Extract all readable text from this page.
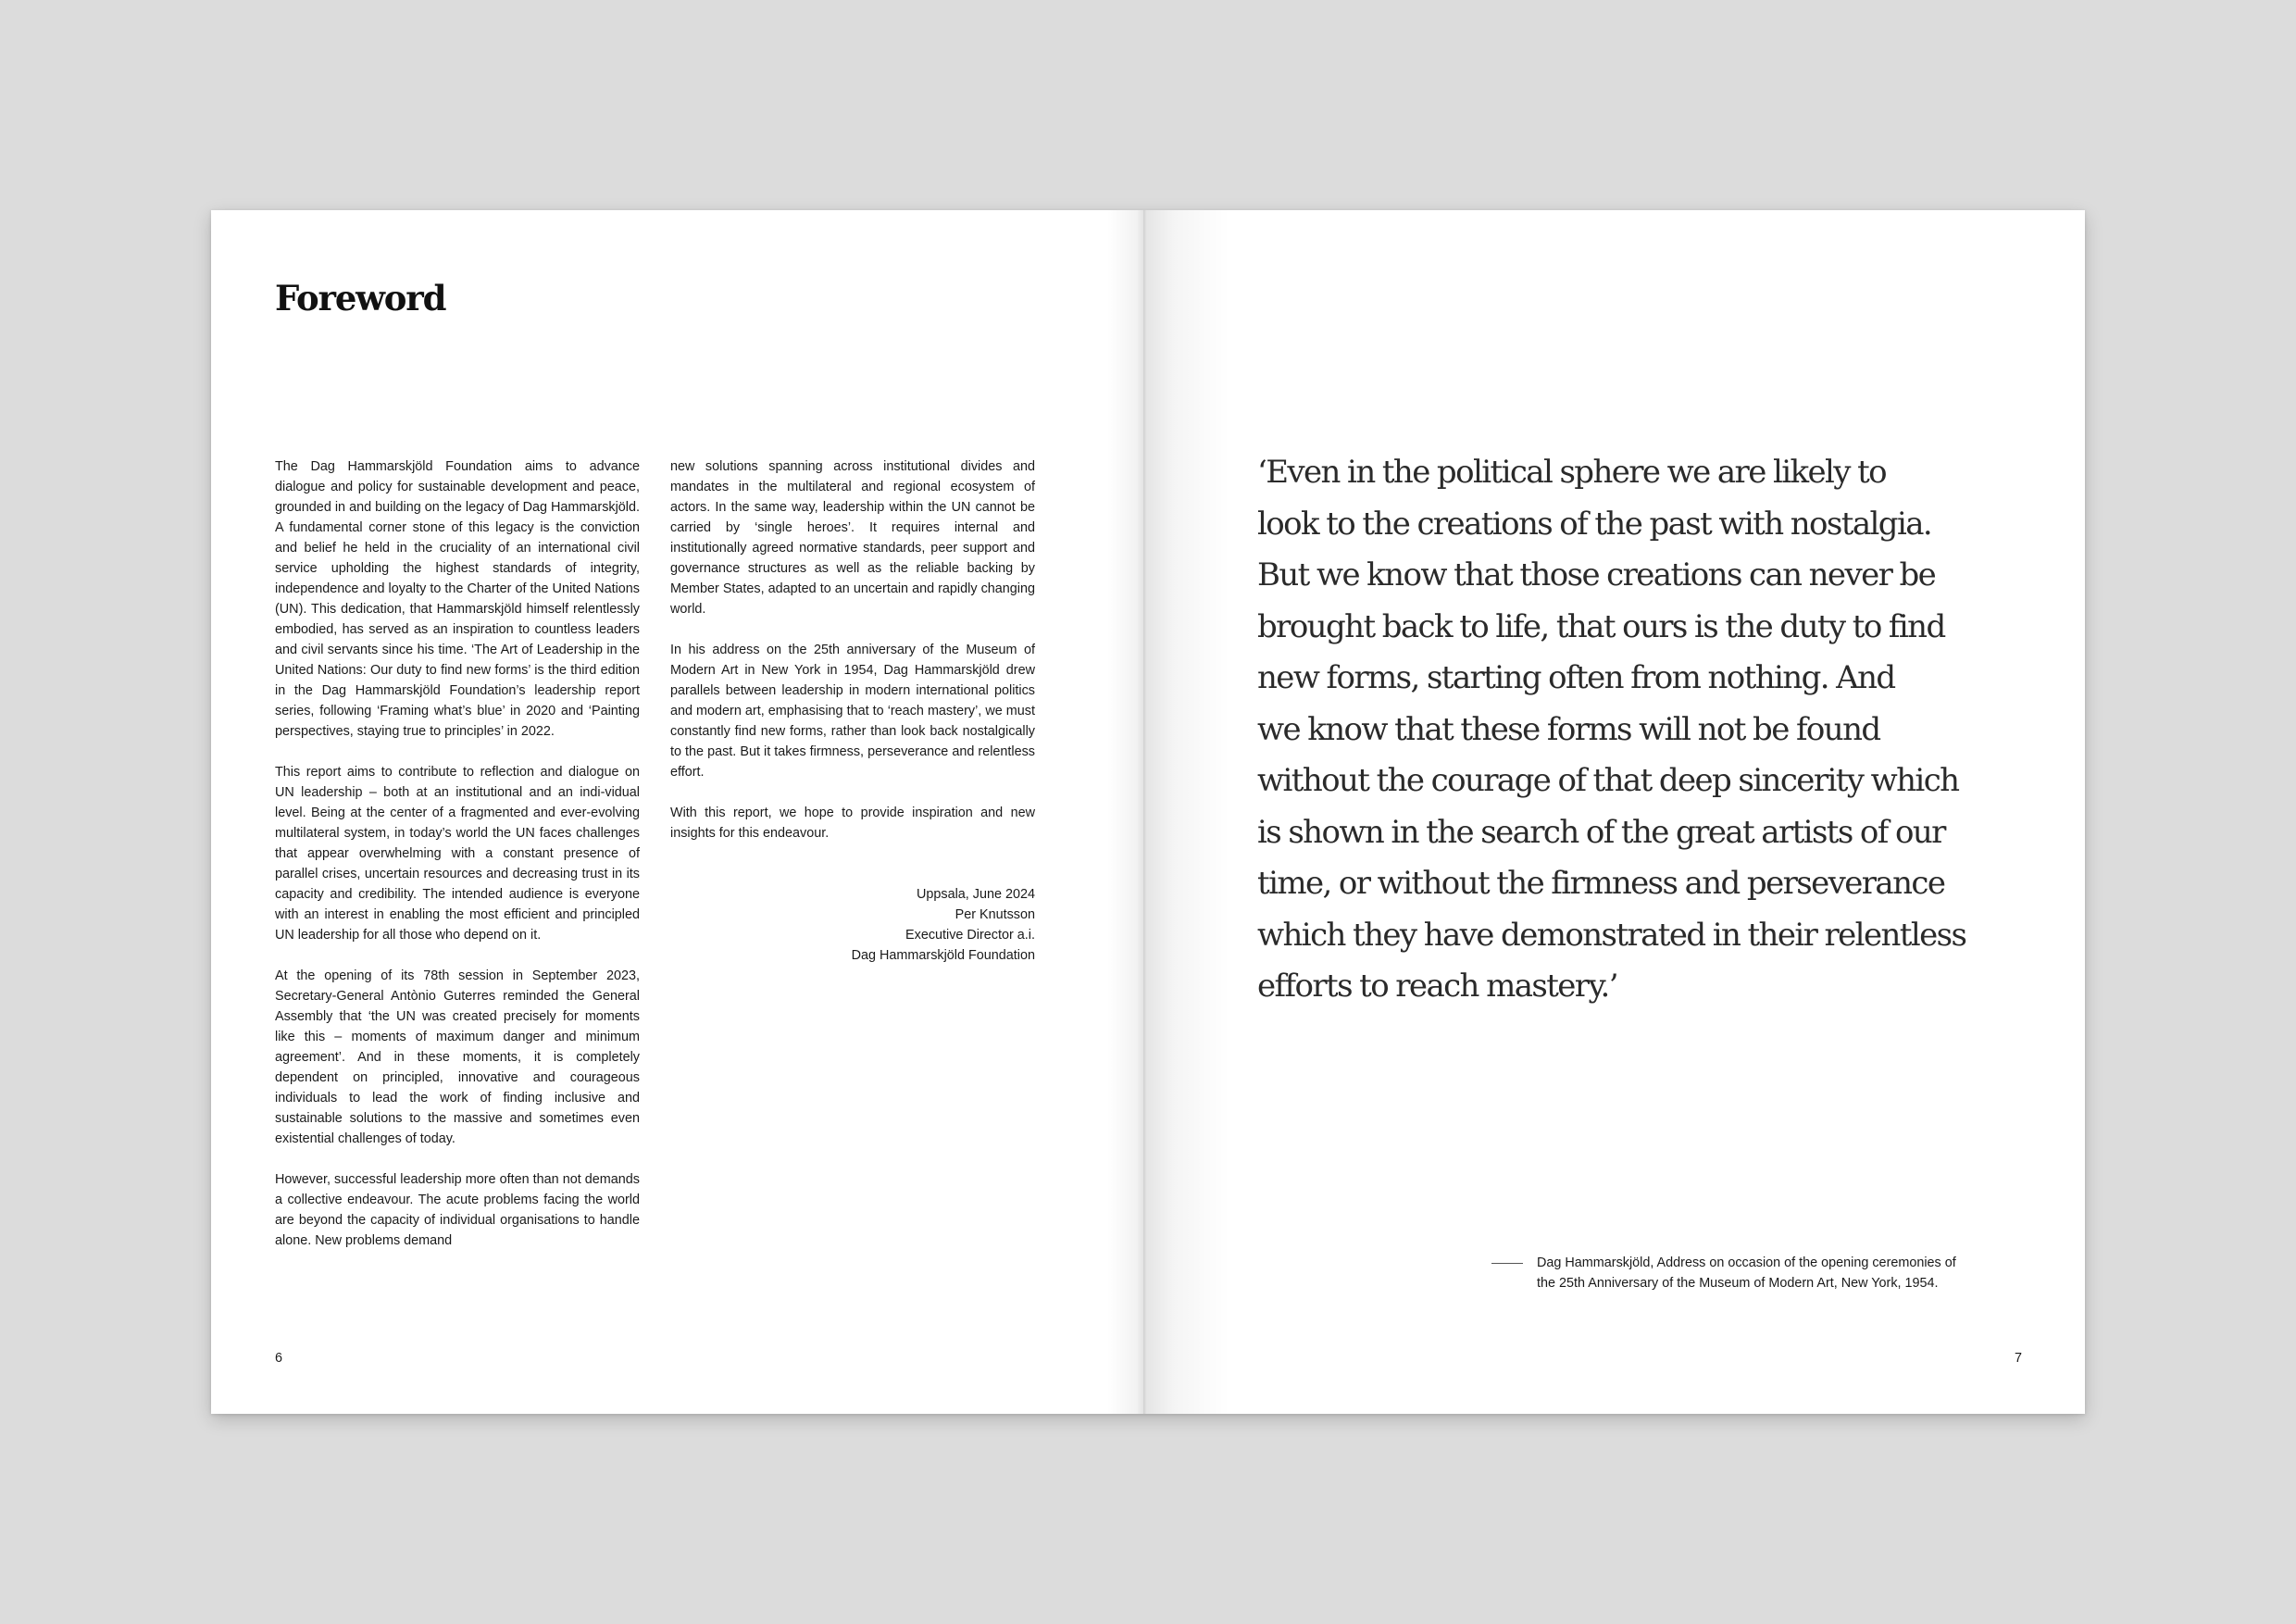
Foreword

The Dag Hammarskjöld Foundation aims to advance dialogue and policy for sustainable development and peace, grounded in and building on the legacy of Dag Hammarskjöld. A fundamental corner stone of this legacy is the conviction and belief he held in the cruciality of an international civil service upholding the highest standards of integrity, independence and loyalty to the Charter of the United Nations (UN). This dedication, that Hammarskjöld himself relentlessly embodied, has served as an inspiration to countless leaders and civil servants since his time. ‘The Art of Leadership in the United Nations: Our duty to find new forms’ is the third edition in the Dag Hammarskjöld Foundation’s leadership report series, following ‘Framing what’s blue’ in 2020 and ‘Painting perspectives, staying true to principles’ in 2022.

This report aims to contribute to reflection and dialogue on UN leadership – both at an institutional and an indi-vidual level. Being at the center of a fragmented and ever-evolving multilateral system, in today’s world the UN faces challenges that appear overwhelming with a constant presence of parallel crises, uncertain resources and decreasing trust in its capacity and credibility. The intended audience is everyone with an interest in enabling the most efficient and principled UN leadership for all those who depend on it.

At the opening of its 78th session in September 2023, Secretary-General Antònio Guterres reminded the General Assembly that ‘the UN was created precisely for moments like this – moments of maximum danger and minimum agreement’. And in these moments, it is completely dependent on principled, innovative and courageous individuals to lead the work of finding inclusive and sustainable solutions to the massive and sometimes even existential challenges of today.

However, successful leadership more often than not demands a collective endeavour. The acute problems facing the world are beyond the capacity of individual organisations to handle alone. New problems demand

new solutions spanning across institutional divides and mandates in the multilateral and regional ecosystem of actors. In the same way, leadership within the UN cannot be carried by ‘single heroes’. It requires internal and institutionally agreed normative standards, peer support and governance structures as well as the reliable backing by Member States, adapted to an uncertain and rapidly changing world.

In his address on the 25th anniversary of the Museum of Modern Art in New York in 1954, Dag Hammarskjöld drew parallels between leadership in modern international politics and modern art, emphasising that to ‘reach mastery’, we must constantly find new forms, rather than look back nostalgically to the past. But it takes firmness, perseverance and relentless effort.

With this report, we hope to provide inspiration and new insights for this endeavour.

Uppsala, June 2024
Per Knutsson
Executive Director a.i.
Dag Hammarskjöld Foundation
6
‘Even in the political sphere we are likely to
look to the creations of the past with nostalgia.
But we know that those creations can never be
brought back to life, that ours is the duty to find
new forms, starting often from nothing. And
we know that these forms will not be found
without the courage of that deep sincerity which
is shown in the search of the great artists of our
time, or without the firmness and perseverance
which they have demonstrated in their relentless
efforts to reach mastery.’
Dag Hammarskjöld, Address on occasion of the opening ceremonies of
the 25th Anniversary of the Museum of Modern Art, New York, 1954.
7
